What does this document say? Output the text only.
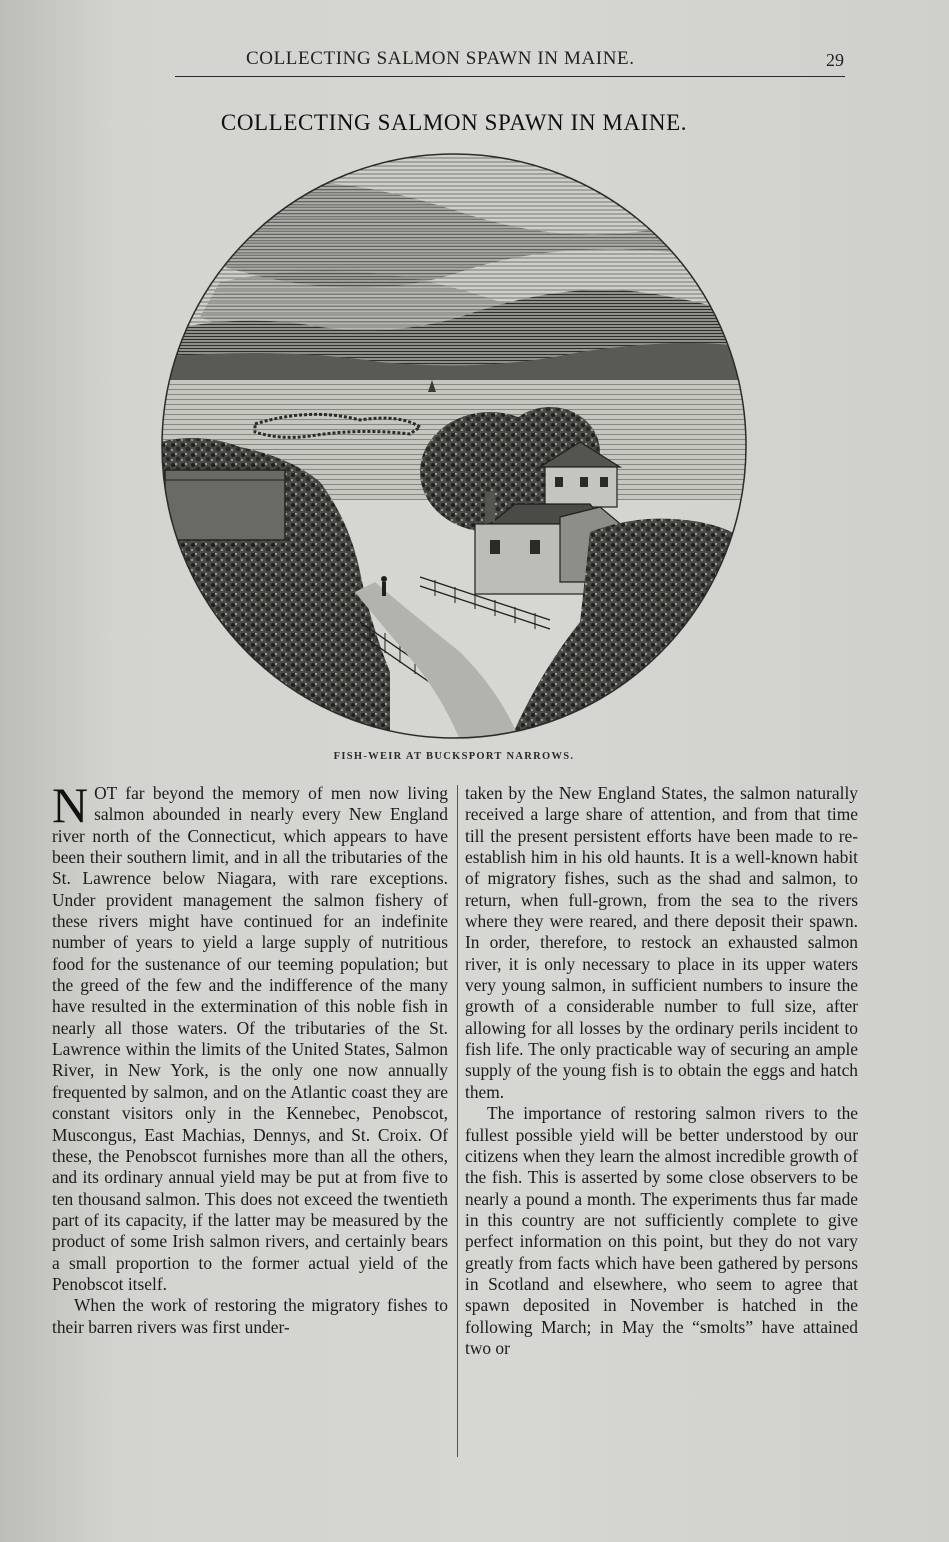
COLLECTING SALMON SPAWN IN MAINE.	29
COLLECTING SALMON SPAWN IN MAINE.
FISH-WEIR AT BUCKSPORT NARROWS.

NOT far beyond the memory of men now living salmon abounded in nearly every New England river north of the Connecticut, which appears to have been their southern limit, and in all the tributaries of the St. Lawrence below Niagara, with rare exceptions. Under provident management the salmon fishery of these rivers might have continued for an indefinite number of years to yield a large supply of nutritious food for the sustenance of our teeming population; but the greed of the few and the indifference of the many have resulted in the extermination of this noble fish in nearly all those waters. Of the tributaries of the St. Lawrence within the limits of the United States, Salmon River, in New York, is the only one now annually frequented by salmon, and on the Atlantic coast they are constant visitors only in the Kennebec, Penobscot, Muscongus, East Machias, Dennys, and St. Croix. Of these, the Penobscot furnishes more than all the others, and its ordinary annual yield may be put at from five to ten thousand salmon. This does not exceed the twentieth part of its capacity, if the latter may be measured by the product of some Irish salmon rivers, and certainly bears a small proportion to the former actual yield of the Penobscot itself.

When the work of restoring the migratory fishes to their barren rivers was first under-

taken by the New England States, the salmon naturally received a large share of attention, and from that time till the present persistent efforts have been made to re-establish him in his old haunts. It is a well-known habit of migratory fishes, such as the shad and salmon, to return, when full-grown, from the sea to the rivers where they were reared, and there deposit their spawn. In order, therefore, to restock an exhausted salmon river, it is only necessary to place in its upper waters very young salmon, in sufficient numbers to insure the growth of a considerable number to full size, after allowing for all losses by the ordinary perils incident to fish life. The only practicable way of securing an ample supply of the young fish is to obtain the eggs and hatch them.

The importance of restoring salmon rivers to the fullest possible yield will be better understood by our citizens when they learn the almost incredible growth of the fish. This is asserted by some close observers to be nearly a pound a month. The experiments thus far made in this country are not sufficiently complete to give perfect information on this point, but they do not vary greatly from facts which have been gathered by persons in Scotland and elsewhere, who seem to agree that spawn deposited in November is hatched in the following March; in May the “smolts” have attained two or
